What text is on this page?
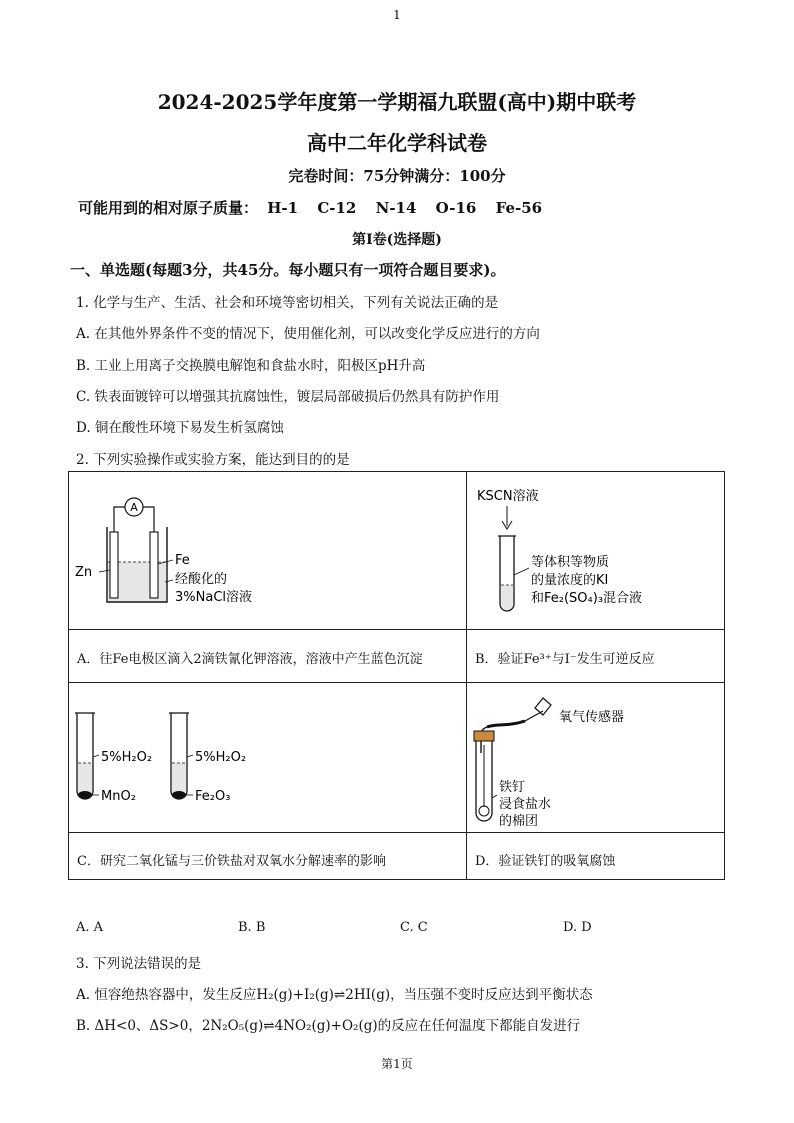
1
2024-2025学年度第一学期福九联盟(高中)期中联考
高中二年化学科试卷
完卷时间：75分钟满分：100分
可能用到的相对原子质量： H-1 C-12 N-14 O-16 Fe-56
第I卷(选择题)
一、单选题(每题3分，共45分。每小题只有一项符合题目要求)。
1. 化学与生产、生活、社会和环境等密切相关，下列有关说法正确的是
A. 在其他外界条件不变的情况下，使用催化剂，可以改变化学反应进行的方向
B. 工业上用离子交换膜电解饱和食盐水时，阳极区pH升高
C. 铁表面镀锌可以增强其抗腐蚀性，镀层局部破损后仍然具有防护作用
D. 铜在酸性环境下易发生析氢腐蚀
2. 下列实验操作或实验方案，能达到目的的是
A
Zn
Fe
经酸化的
3%NaCl溶液
KSCN溶液
等体积等物质
的量浓度的KI
和Fe₂(SO₄)₃混合液
A．往Fe电极区滴入2滴铁氰化钾溶液，溶液中产生蓝色沉淀	B．验证Fe³⁺与I⁻发生可逆反应
5%H₂O₂
MnO₂
5%H₂O₂
Fe₂O₃
氧气传感器
铁钉
浸食盐水
的棉团
C．研究二氧化锰与三价铁盐对双氧水分解速率的影响	D．验证铁钉的吸氧腐蚀
A. A	B. B	C. C	D. D
3. 下列说法错误的是
A. 恒容绝热容器中，发生反应H₂(g)+I₂(g)⇌2HI(g)，当压强不变时反应达到平衡状态
B. ΔH<0、ΔS>0，2N₂O₅(g)⇌4NO₂(g)+O₂(g)的反应在任何温度下都能自发进行
第1页
